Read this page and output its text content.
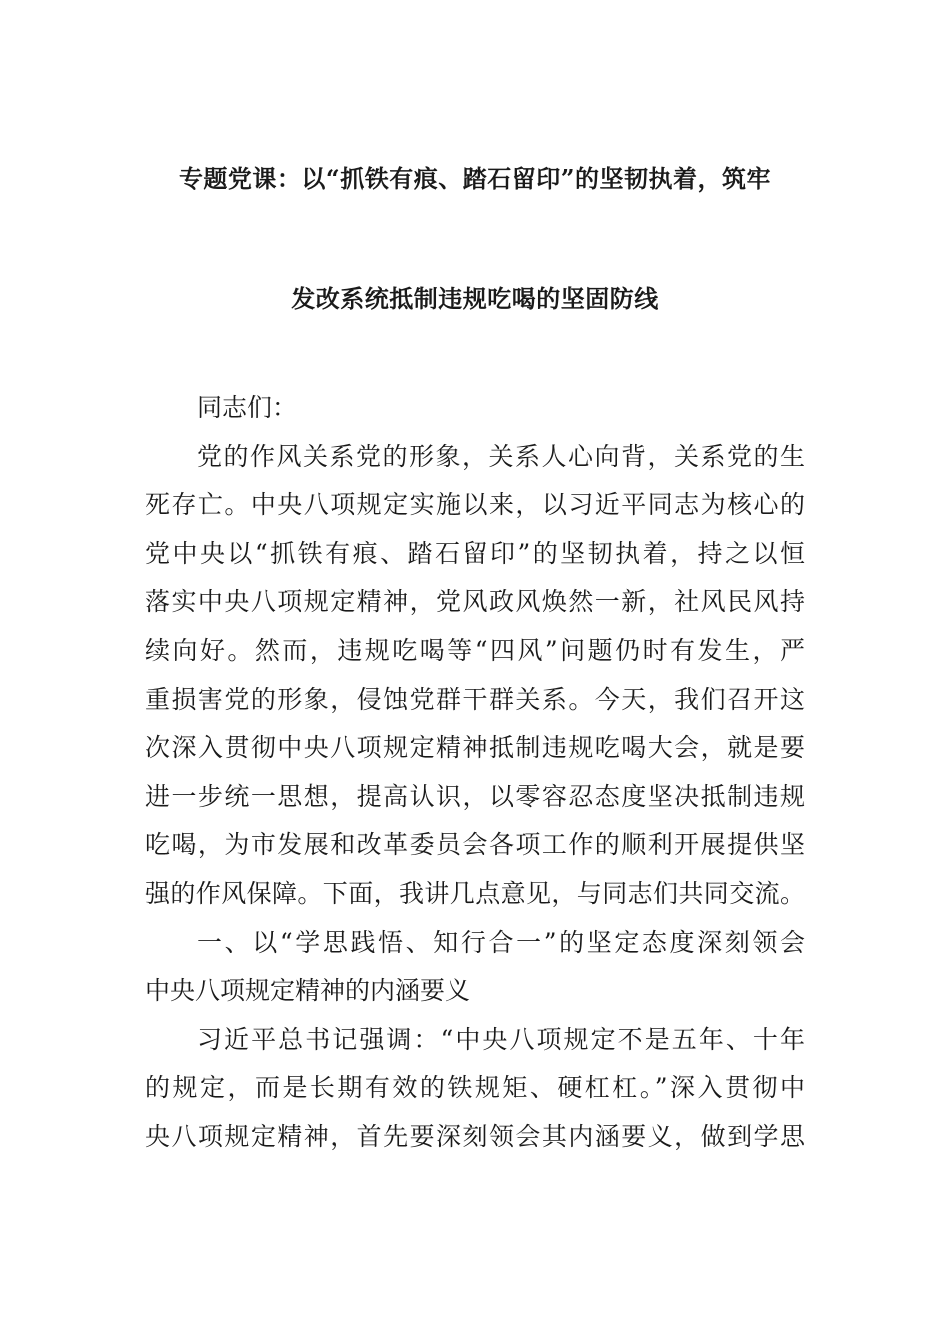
专题党课：以“抓铁有痕、踏石留印”的坚韧执着，筑牢
发改系统抵制违规吃喝的坚固防线
同志们：
党的作风关系党的形象，关系人心向背，关系党的生
死存亡。中央八项规定实施以来，以习近平同志为核心的
党中央以“抓铁有痕、踏石留印”的坚韧执着，持之以恒
落实中央八项规定精神，党风政风焕然一新，社风民风持
续向好。然而，违规吃喝等“四风”问题仍时有发生，严
重损害党的形象，侵蚀党群干群关系。今天，我们召开这
次深入贯彻中央八项规定精神抵制违规吃喝大会，就是要
进一步统一思想，提高认识，以零容忍态度坚决抵制违规
吃喝，为市发展和改革委员会各项工作的顺利开展提供坚
强的作风保障。下面，我讲几点意见，与同志们共同交流。
一、以“学思践悟、知行合一”的坚定态度深刻领会
中央八项规定精神的内涵要义
习近平总书记强调：“中央八项规定不是五年、十年
的规定，而是长期有效的铁规矩、硬杠杠。”深入贯彻中
央八项规定精神，首先要深刻领会其内涵要义，做到学思
